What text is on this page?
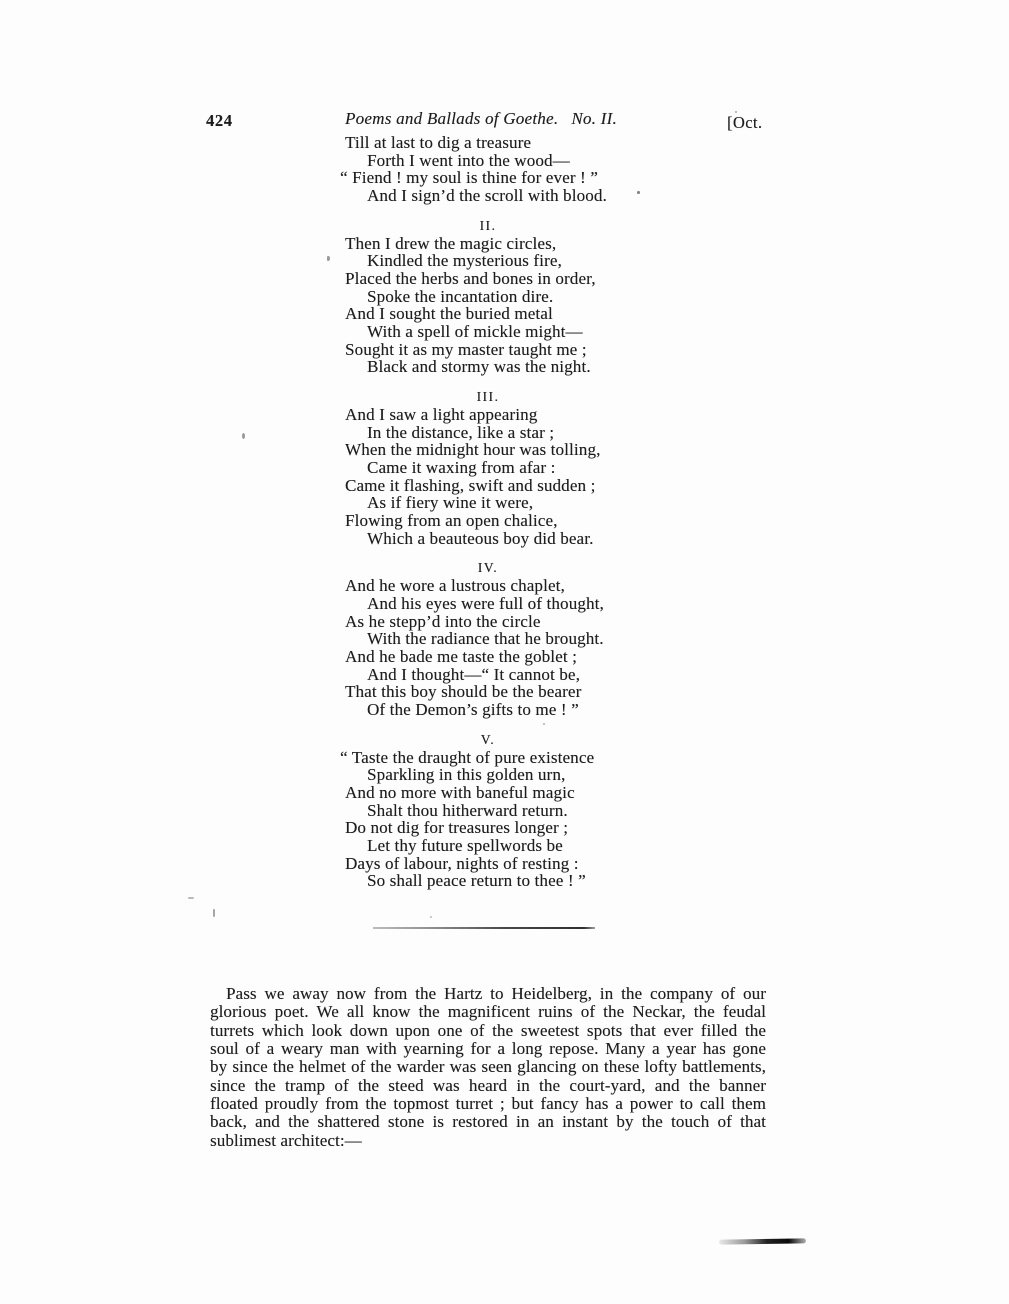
424	Poems and Ballads of Goethe. No. II.	[Oct.
Till at last to dig a treasure
Forth I went into the wood—
“ Fiend ! my soul is thine for ever ! ”
And I sign’d the scroll with blood.
II.
Then I drew the magic circles,
Kindled the mysterious fire,
Placed the herbs and bones in order,
Spoke the incantation dire.
And I sought the buried metal
With a spell of mickle might—
Sought it as my master taught me ;
Black and stormy was the night.
III.
And I saw a light appearing
In the distance, like a star ;
When the midnight hour was tolling,
Came it waxing from afar :
Came it flashing, swift and sudden ;
As if fiery wine it were,
Flowing from an open chalice,
Which a beauteous boy did bear.
IV.
And he wore a lustrous chaplet,
And his eyes were full of thought,
As he stepp’d into the circle
With the radiance that he brought.
And he bade me taste the goblet ;
And I thought—“ It cannot be,
That this boy should be the bearer
Of the Demon’s gifts to me ! ”
V.
“ Taste the draught of pure existence
Sparkling in this golden urn,
And no more with baneful magic
Shalt thou hitherward return.
Do not dig for treasures longer ;
Let thy future spellwords be
Days of labour, nights of resting :
So shall peace return to thee ! ”
Pass we away now from the Hartz to Heidelberg, in the company of our
glorious poet. We all know the magnificent ruins of the Neckar, the feudal
turrets which look down upon one of the sweetest spots that ever filled the
soul of a weary man with yearning for a long repose. Many a year has gone
by since the helmet of the warder was seen glancing on these lofty battlements,
since the tramp of the steed was heard in the court-yard, and the banner
floated proudly from the topmost turret ; but fancy has a power to call them
back, and the shattered stone is restored in an instant by the touch of that
sublimest architect:—
